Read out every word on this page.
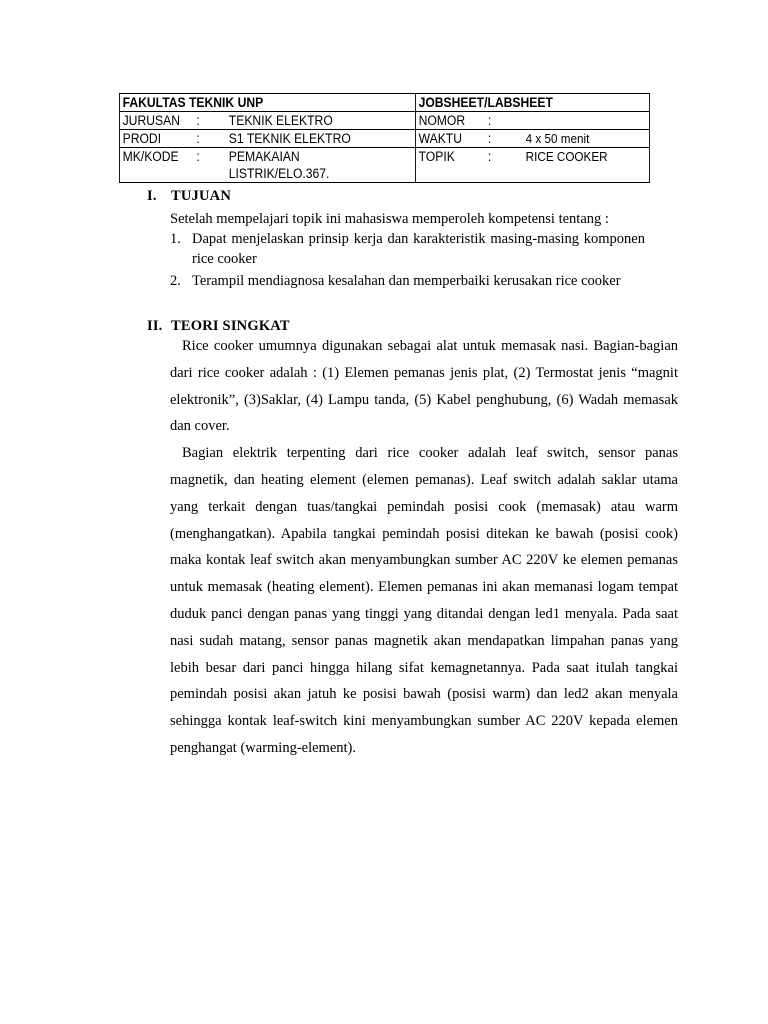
FAKULTAS TEKNIK UNP	JOBSHEET/LABSHEET

JURUSAN : TEKNIK ELEKTRO	NOMOR :

PRODI : S1 TEKNIK ELEKTRO	WAKTU : 4 x 50 menit

MK/KODE : PEMAKAIAN LISTRIK/ELO.367.	TOPIK : RICE COOKER
I. TUJUAN
Setelah mempelajari topik ini mahasiswa memperoleh kompetensi tentang :
1. Dapat menjelaskan prinsip kerja dan karakteristik masing-masing komponen rice cooker
2. Terampil mendiagnosa kesalahan dan memperbaiki kerusakan rice cooker
II. TEORI SINGKAT

Rice cooker umumnya digunakan sebagai alat untuk memasak nasi. Bagian-bagian dari rice cooker adalah : (1) Elemen pemanas jenis plat, (2) Termostat jenis “magnit elektronik”, (3)Saklar, (4) Lampu tanda, (5) Kabel penghubung, (6) Wadah memasak dan cover.

Bagian elektrik terpenting dari rice cooker adalah leaf switch, sensor panas magnetik, dan heating element (elemen pemanas). Leaf switch adalah saklar utama yang terkait dengan tuas/tangkai pemindah posisi cook (memasak) atau warm (menghangatkan). Apabila tangkai pemindah posisi ditekan ke bawah (posisi cook) maka kontak leaf switch akan menyambungkan sumber AC 220V ke elemen pemanas untuk memasak (heating element). Elemen pemanas ini akan memanasi logam tempat duduk panci dengan panas yang tinggi yang ditandai dengan led1 menyala. Pada saat nasi sudah matang, sensor panas magnetik akan mendapatkan limpahan panas yang lebih besar dari panci hingga hilang sifat kemagnetannya. Pada saat itulah tangkai pemindah posisi akan jatuh ke posisi bawah (posisi warm) dan led2 akan menyala sehingga kontak leaf-switch kini menyambungkan sumber AC 220V kepada elemen penghangat (warming-element).
